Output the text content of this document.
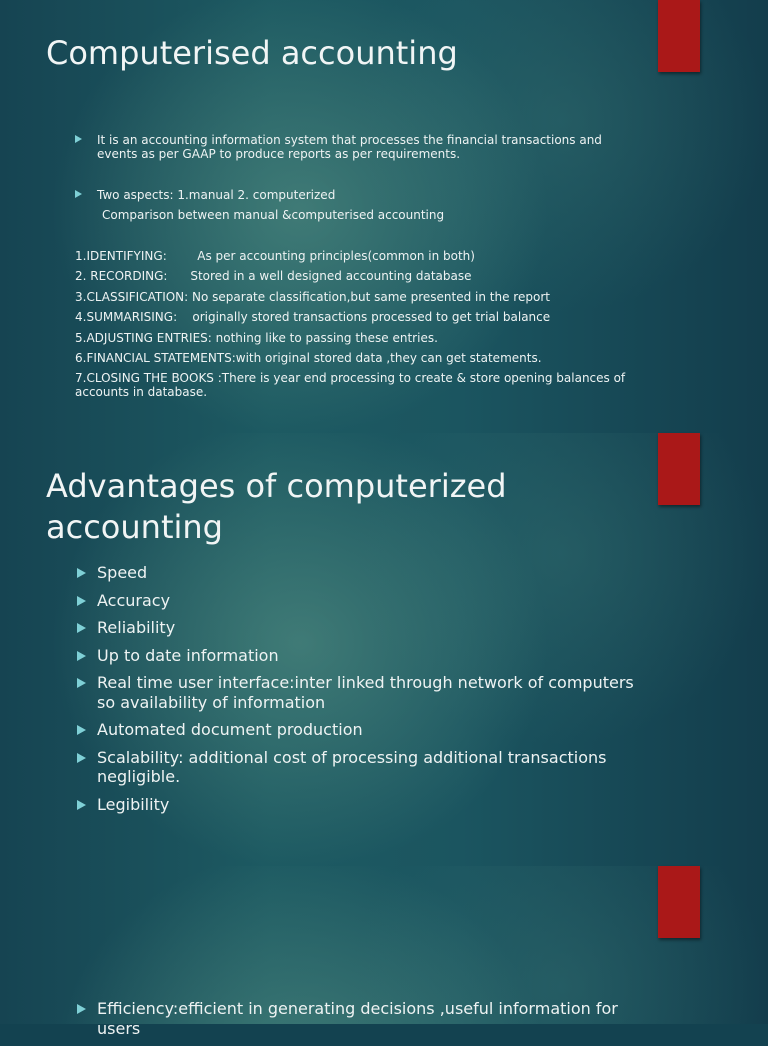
Computerised accounting
It is an accounting information system that processes the financial transactions and events as per GAAP to produce reports as per requirements.
Two aspects: 1.manual 2. computerized
Comparison between manual &computerised accounting
1.IDENTIFYING:        As per accounting principles(common in both)
2. RECORDING:      Stored in a well designed accounting database
3.CLASSIFICATION: No separate classification,but same presented in the report
4.SUMMARISING:    originally stored transactions processed to get trial balance
5.ADJUSTING ENTRIES: nothing like to passing these entries.
6.FINANCIAL STATEMENTS:with original stored data ,they can get statements.
7.CLOSING THE BOOKS :There is year end processing to create & store opening balances of accounts in database.
Advantages of computerized
accounting
Speed
Accuracy
Reliability
Up to date information
Real time user interface:inter linked through network of computers so availability of information
Automated document production
Scalability: additional cost of processing additional transactions negligible.
Legibility
Efficiency:efficient in generating decisions ,useful information for users
